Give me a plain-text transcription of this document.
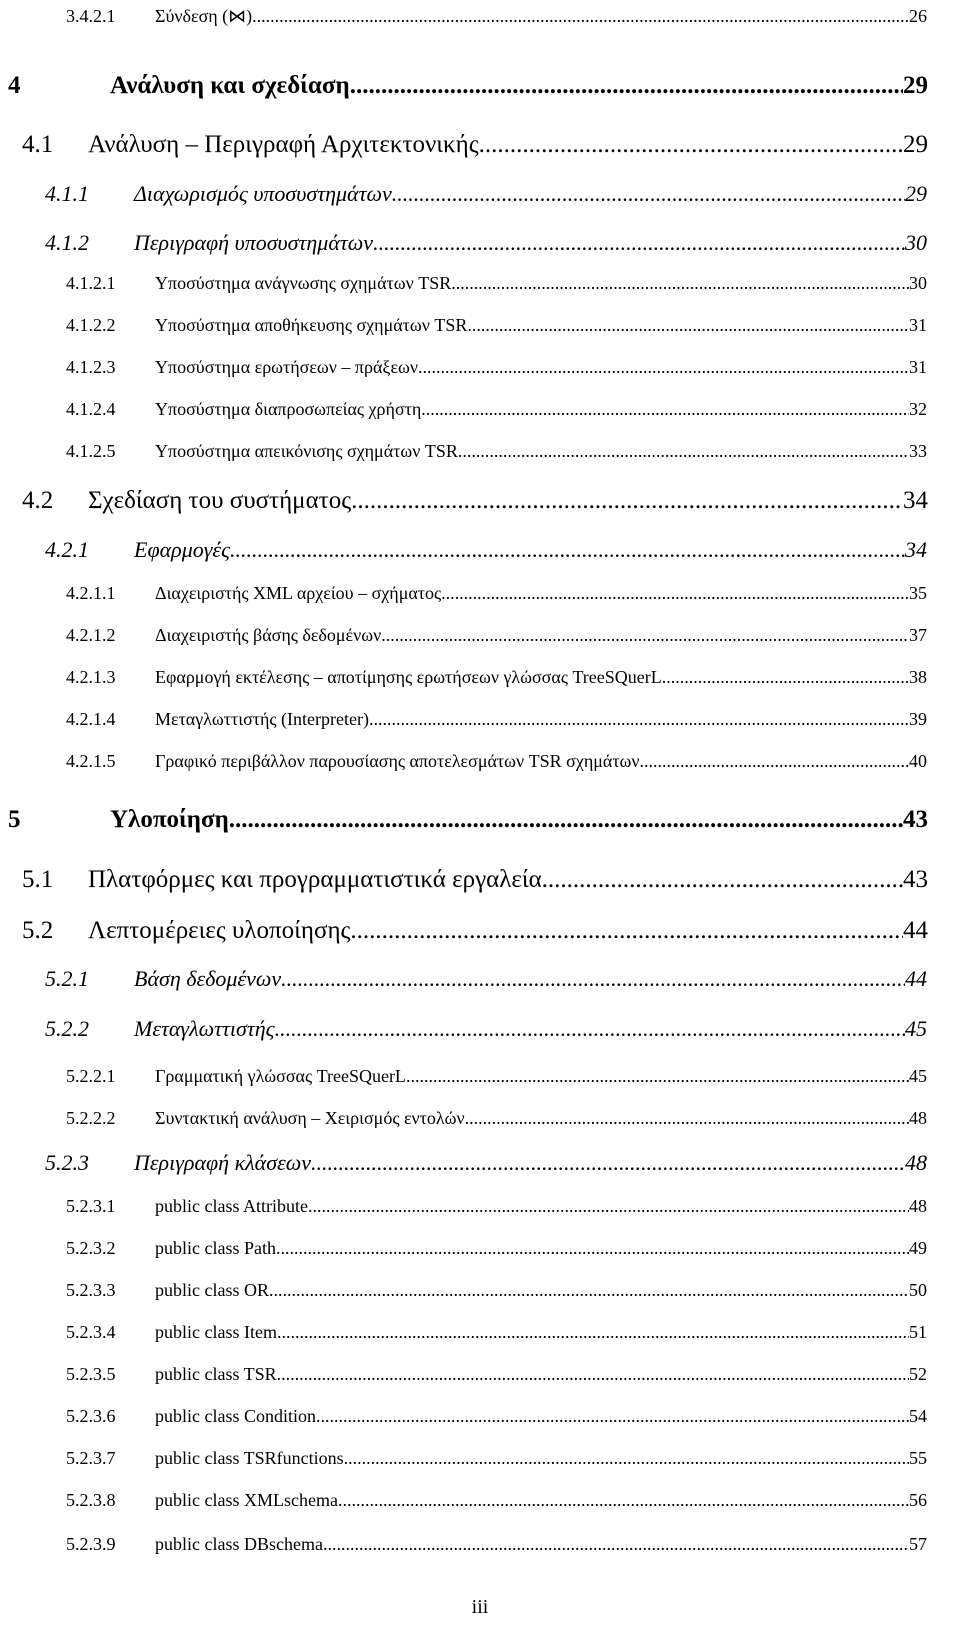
3.4.2.1 Σύνδεση (⋈) .....	26
4	Ανάλυση και σχεδίαση .....	29
4.1 Ανάλυση – Περιγραφή Αρχιτεκτονικής .....	29
4.1.1 Διαχωρισμός υποσυστημάτων .....	29
4.1.2 Περιγραφή υποσυστημάτων .....	30
4.1.2.1 Υποσύστημα ανάγνωσης σχημάτων TSR .....	30
4.1.2.2 Υποσύστημα αποθήκευσης σχημάτων TSR .....	31
4.1.2.3 Υποσύστημα ερωτήσεων – πράξεων .....	31
4.1.2.4 Υποσύστημα διαπροσωπείας χρήστη .....	32
4.1.2.5 Υποσύστημα απεικόνισης σχημάτων TSR .....	33
4.2 Σχεδίαση του συστήματος .....	34
4.2.1 Εφαρμογές .....	34
4.2.1.1 Διαχειριστής XML αρχείου – σχήματος .....	35
4.2.1.2 Διαχειριστής βάσης δεδομένων .....	37
4.2.1.3 Εφαρμογή εκτέλεσης – αποτίμησης ερωτήσεων γλώσσας TreeSQuerL .....	38
4.2.1.4 Μεταγλωττιστής (Interpreter) .....	39
4.2.1.5 Γραφικό περιβάλλον παρουσίασης αποτελεσμάτων TSR σχημάτων .....	40
5	Υλοποίηση .....	43
5.1 Πλατφόρμες και προγραμματιστικά εργαλεία .....	43
5.2 Λεπτομέρειες υλοποίησης .....	44
5.2.1 Βάση δεδομένων .....	44
5.2.2 Μεταγλωττιστής .....	45
5.2.2.1 Γραμματική γλώσσας TreeSQuerL .....	45
5.2.2.2 Συντακτική ανάλυση – Χειρισμός εντολών .....	48
5.2.3 Περιγραφή κλάσεων .....	48
5.2.3.1 public class Attribute .....	48
5.2.3.2 public class Path .....	49
5.2.3.3 public class OR .....	50
5.2.3.4 public class Item .....	51
5.2.3.5 public class TSR .....	52
5.2.3.6 public class Condition .....	54
5.2.3.7 public class TSRfunctions .....	55
5.2.3.8 public class XMLschema .....	56
5.2.3.9 public class DBschema .....	57
iii
